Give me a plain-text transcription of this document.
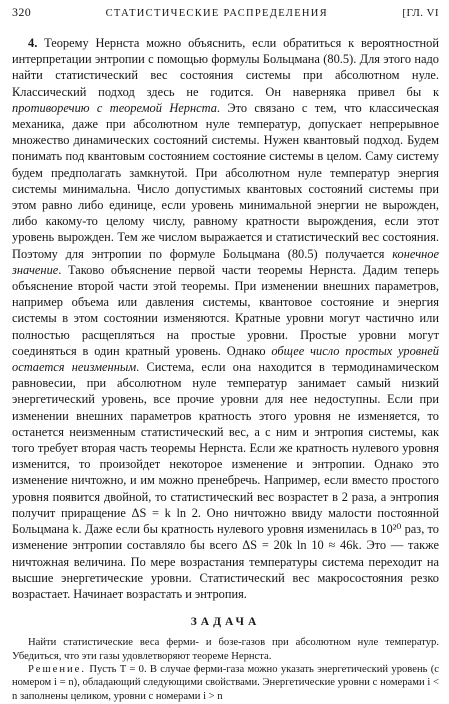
320	СТАТИСТИЧЕСКИЕ РАСПРЕДЕЛЕНИЯ	[ГЛ. VI

4. Теорему Нернста можно объяснить, если обратиться к вероятностной интерпретации энтропии с помощью формулы Больцмана (80.5). Для этого надо найти статистический вес состояния системы при абсолютном нуле. Классический подход здесь не годится. Он наверняка привел бы к противоречию с теоремой Нернста. Это связано с тем, что классическая механика, даже при абсолютном нуле температур, допускает непрерывное множество динамических состояний системы. Нужен квантовый подход. Будем понимать под квантовым состоянием состояние системы в целом. Саму систему будем предполагать замкнутой. При абсолютном нуле температур энергия системы минимальна. Число допустимых квантовых состояний системы при этом равно либо единице, если уровень минимальной энергии не вырожден, либо какому-то целому числу, равному кратности вырождения, если этот уровень вырожден. Тем же числом выражается и статистический вес состояния. Поэтому для энтропии по формуле Больцмана (80.5) получается конечное значение. Таково объяснение первой части теоремы Нернста. Дадим теперь объяснение второй части этой теоремы. При изменении внешних параметров, например объема или давления системы, квантовое состояние и энергия системы в этом состоянии изменяются. Кратные уровни могут частично или полностью расщепляться на простые уровни. Простые уровни могут соединяться в один кратный уровень. Однако общее число простых уровней остается неизменным. Система, если она находится в термодинамическом равновесии, при абсолютном нуле температур занимает самый низкий энергетический уровень, все прочие уровни для нее недоступны. Если при изменении внешних параметров кратность этого уровня не изменяется, то останется неизменным статистический вес, а с ним и энтропия системы, как того требует вторая часть теоремы Нернста. Если же кратность нулевого уровня изменится, то произойдет некоторое изменение и энтропии. Однако это изменение ничтожно, и им можно пренебречь. Например, если вместо простого уровня появится двойной, то статистический вес возрастет в 2 раза, а энтропия получит приращение ΔS = k ln 2. Оно ничтожно ввиду малости постоянной Больцмана k. Даже если бы кратность нулевого уровня изменилась в 10²⁰ раз, то изменение энтропии составляло бы всего ΔS = 20k ln 10 ≈ 46k. Это — также ничтожная величина. По мере возрастания температуры система переходит на высшие энергетические уровни. Статистический вес макросостояния резко возрастает. Начинает возрастать и энтропия.

ЗАДАЧА

Найти статистические веса ферми- и бозе-газов при абсолютном нуле температур. Убедиться, что эти газы удовлетворяют теореме Нернста.

Решение. Пусть T = 0. В случае ферми-газа можно указать энергетический уровень (с номером i = n), обладающий следующими свойствами. Энергетические уровни с номерами i < n заполнены целиком, уровни с номерами i > n
